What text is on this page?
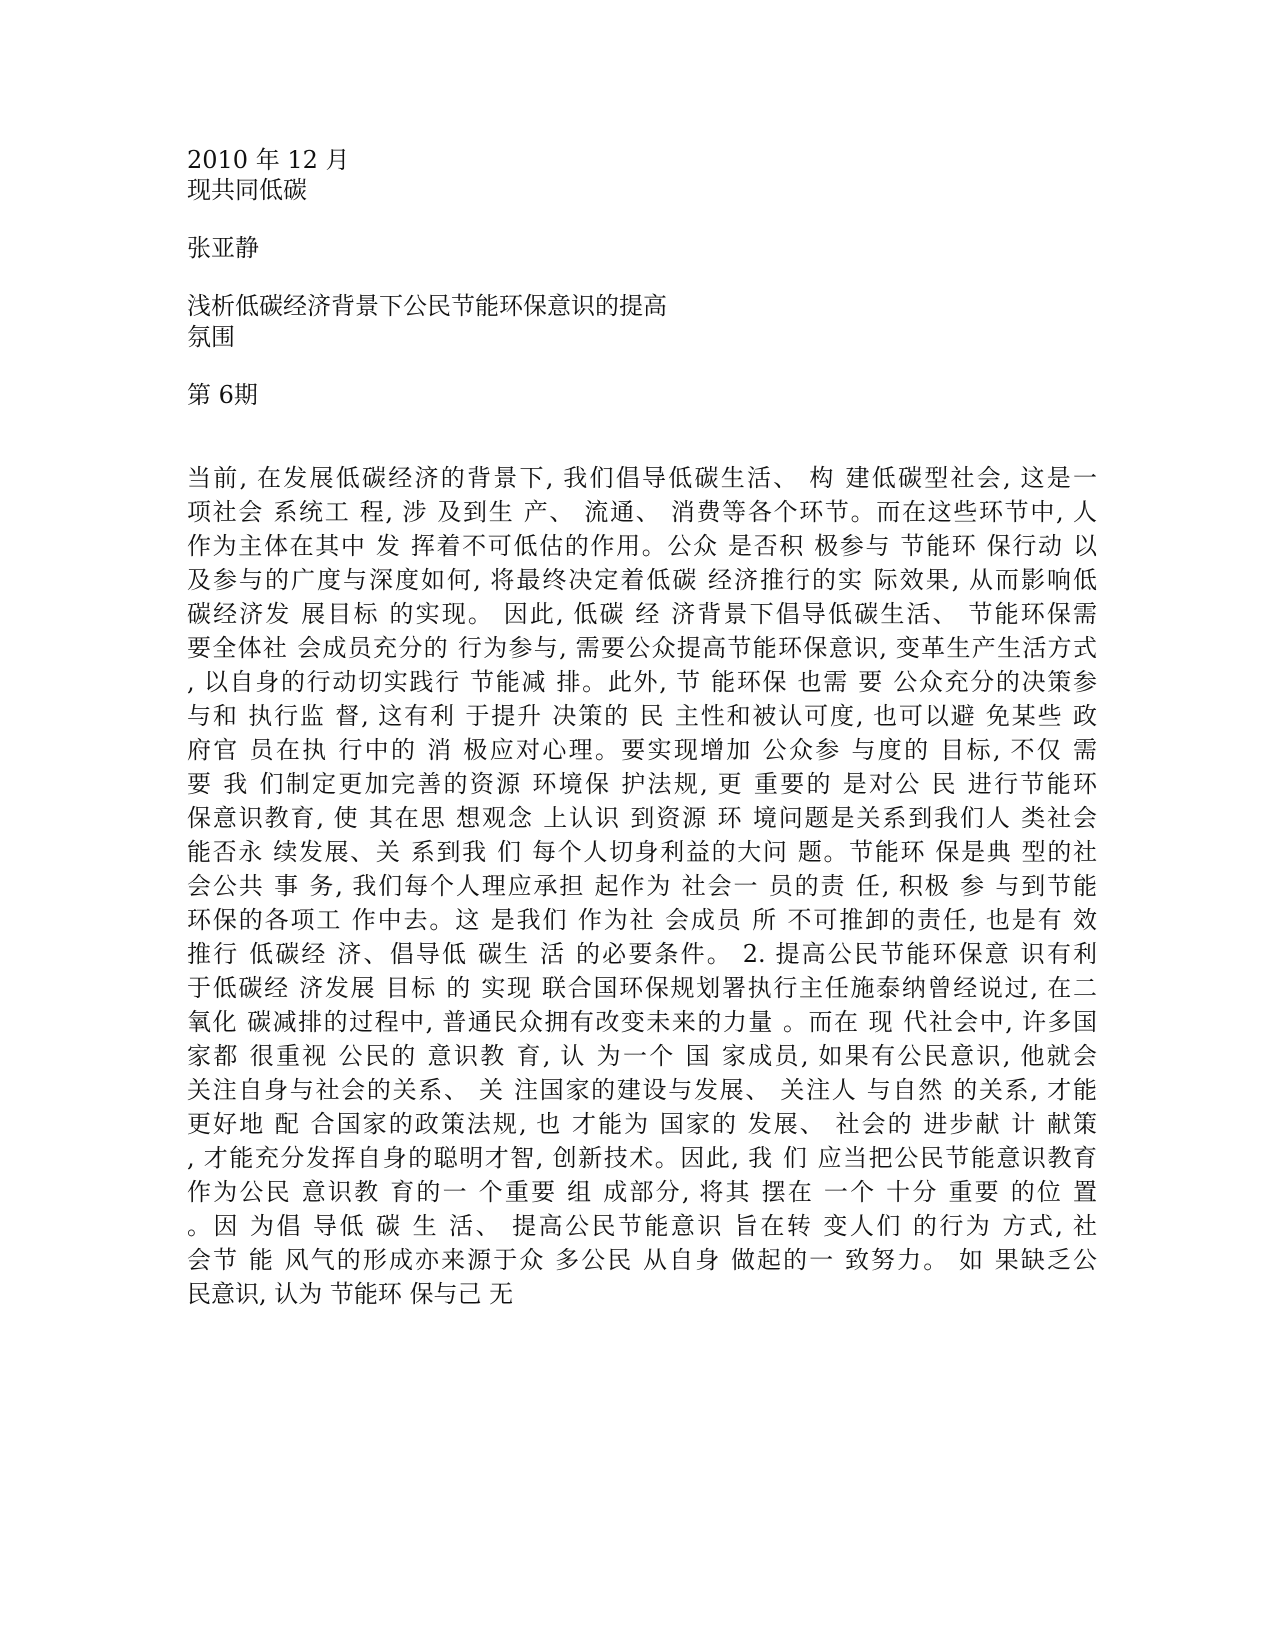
2010 年 12 月
现共同低碳
张亚静
浅析低碳经济背景下公民节能环保意识的提高
氛围
第 6期
当前, 在发展低碳经济的背景下, 我们倡导低碳生活、 构 建低碳型社会, 这是一
项社会 系统工 程, 涉 及到生 产、 流通、 消费等各个环节。而在这些环节中, 人
作为主体在其中 发 挥着不可低估的作用。公众 是否积 极参与 节能环 保行动 以
及参与的广度与深度如何, 将最终决定着低碳 经济推行的实 际效果, 从而影响低
碳经济发 展目标 的实现。 因此, 低碳 经 济背景下倡导低碳生活、 节能环保需
要全体社 会成员充分的 行为参与, 需要公众提高节能环保意识, 变革生产生活方式
, 以自身的行动切实践行 节能减 排。此外, 节 能环保 也需 要 公众充分的决策参
与和 执行监 督, 这有利 于提升 决策的 民 主性和被认可度, 也可以避 免某些 政
府官 员在执 行中的 消 极应对心理。要实现增加 公众参 与度的 目标, 不仅 需
要 我 们制定更加完善的资源 环境保 护法规, 更 重要的 是对公 民 进行节能环
保意识教育, 使 其在思 想观念 上认识 到资源 环 境问题是关系到我们人 类社会
能否永 续发展、关 系到我 们 每个人切身利益的大问 题。节能环 保是典 型的社
会公共 事 务, 我们每个人理应承担 起作为 社会一 员的责 任, 积极 参 与到节能
环保的各项工 作中去。这 是我们 作为社 会成员 所 不可推卸的责任, 也是有 效
推行 低碳经 济、倡导低 碳生 活 的必要条件。 2. 提高公民节能环保意 识有利
于低碳经 济发展 目标 的 实现 联合国环保规划署执行主任施泰纳曾经说过, 在二
氧化 碳减排的过程中, 普通民众拥有改变未来的力量 。而在 现 代社会中, 许多国
家都 很重视 公民的 意识教 育, 认 为一个 国 家成员, 如果有公民意识, 他就会
关注自身与社会的关系、 关 注国家的建设与发展、 关注人 与自然 的关系, 才能
更好地 配 合国家的政策法规, 也 才能为 国家的 发展、 社会的 进步献 计 献策
, 才能充分发挥自身的聪明才智, 创新技术。因此, 我 们 应当把公民节能意识教育
作为公民 意识教 育的一 个重要 组 成部分, 将其 摆在 一个 十分 重要 的位 置
。因 为倡 导低 碳 生 活、 提高公民节能意识 旨在转 变人们 的行为 方式, 社
会节 能 风气的形成亦来源于众 多公民 从自身 做起的一 致努力。 如 果缺乏公
民意识, 认为 节能环 保与己 无
